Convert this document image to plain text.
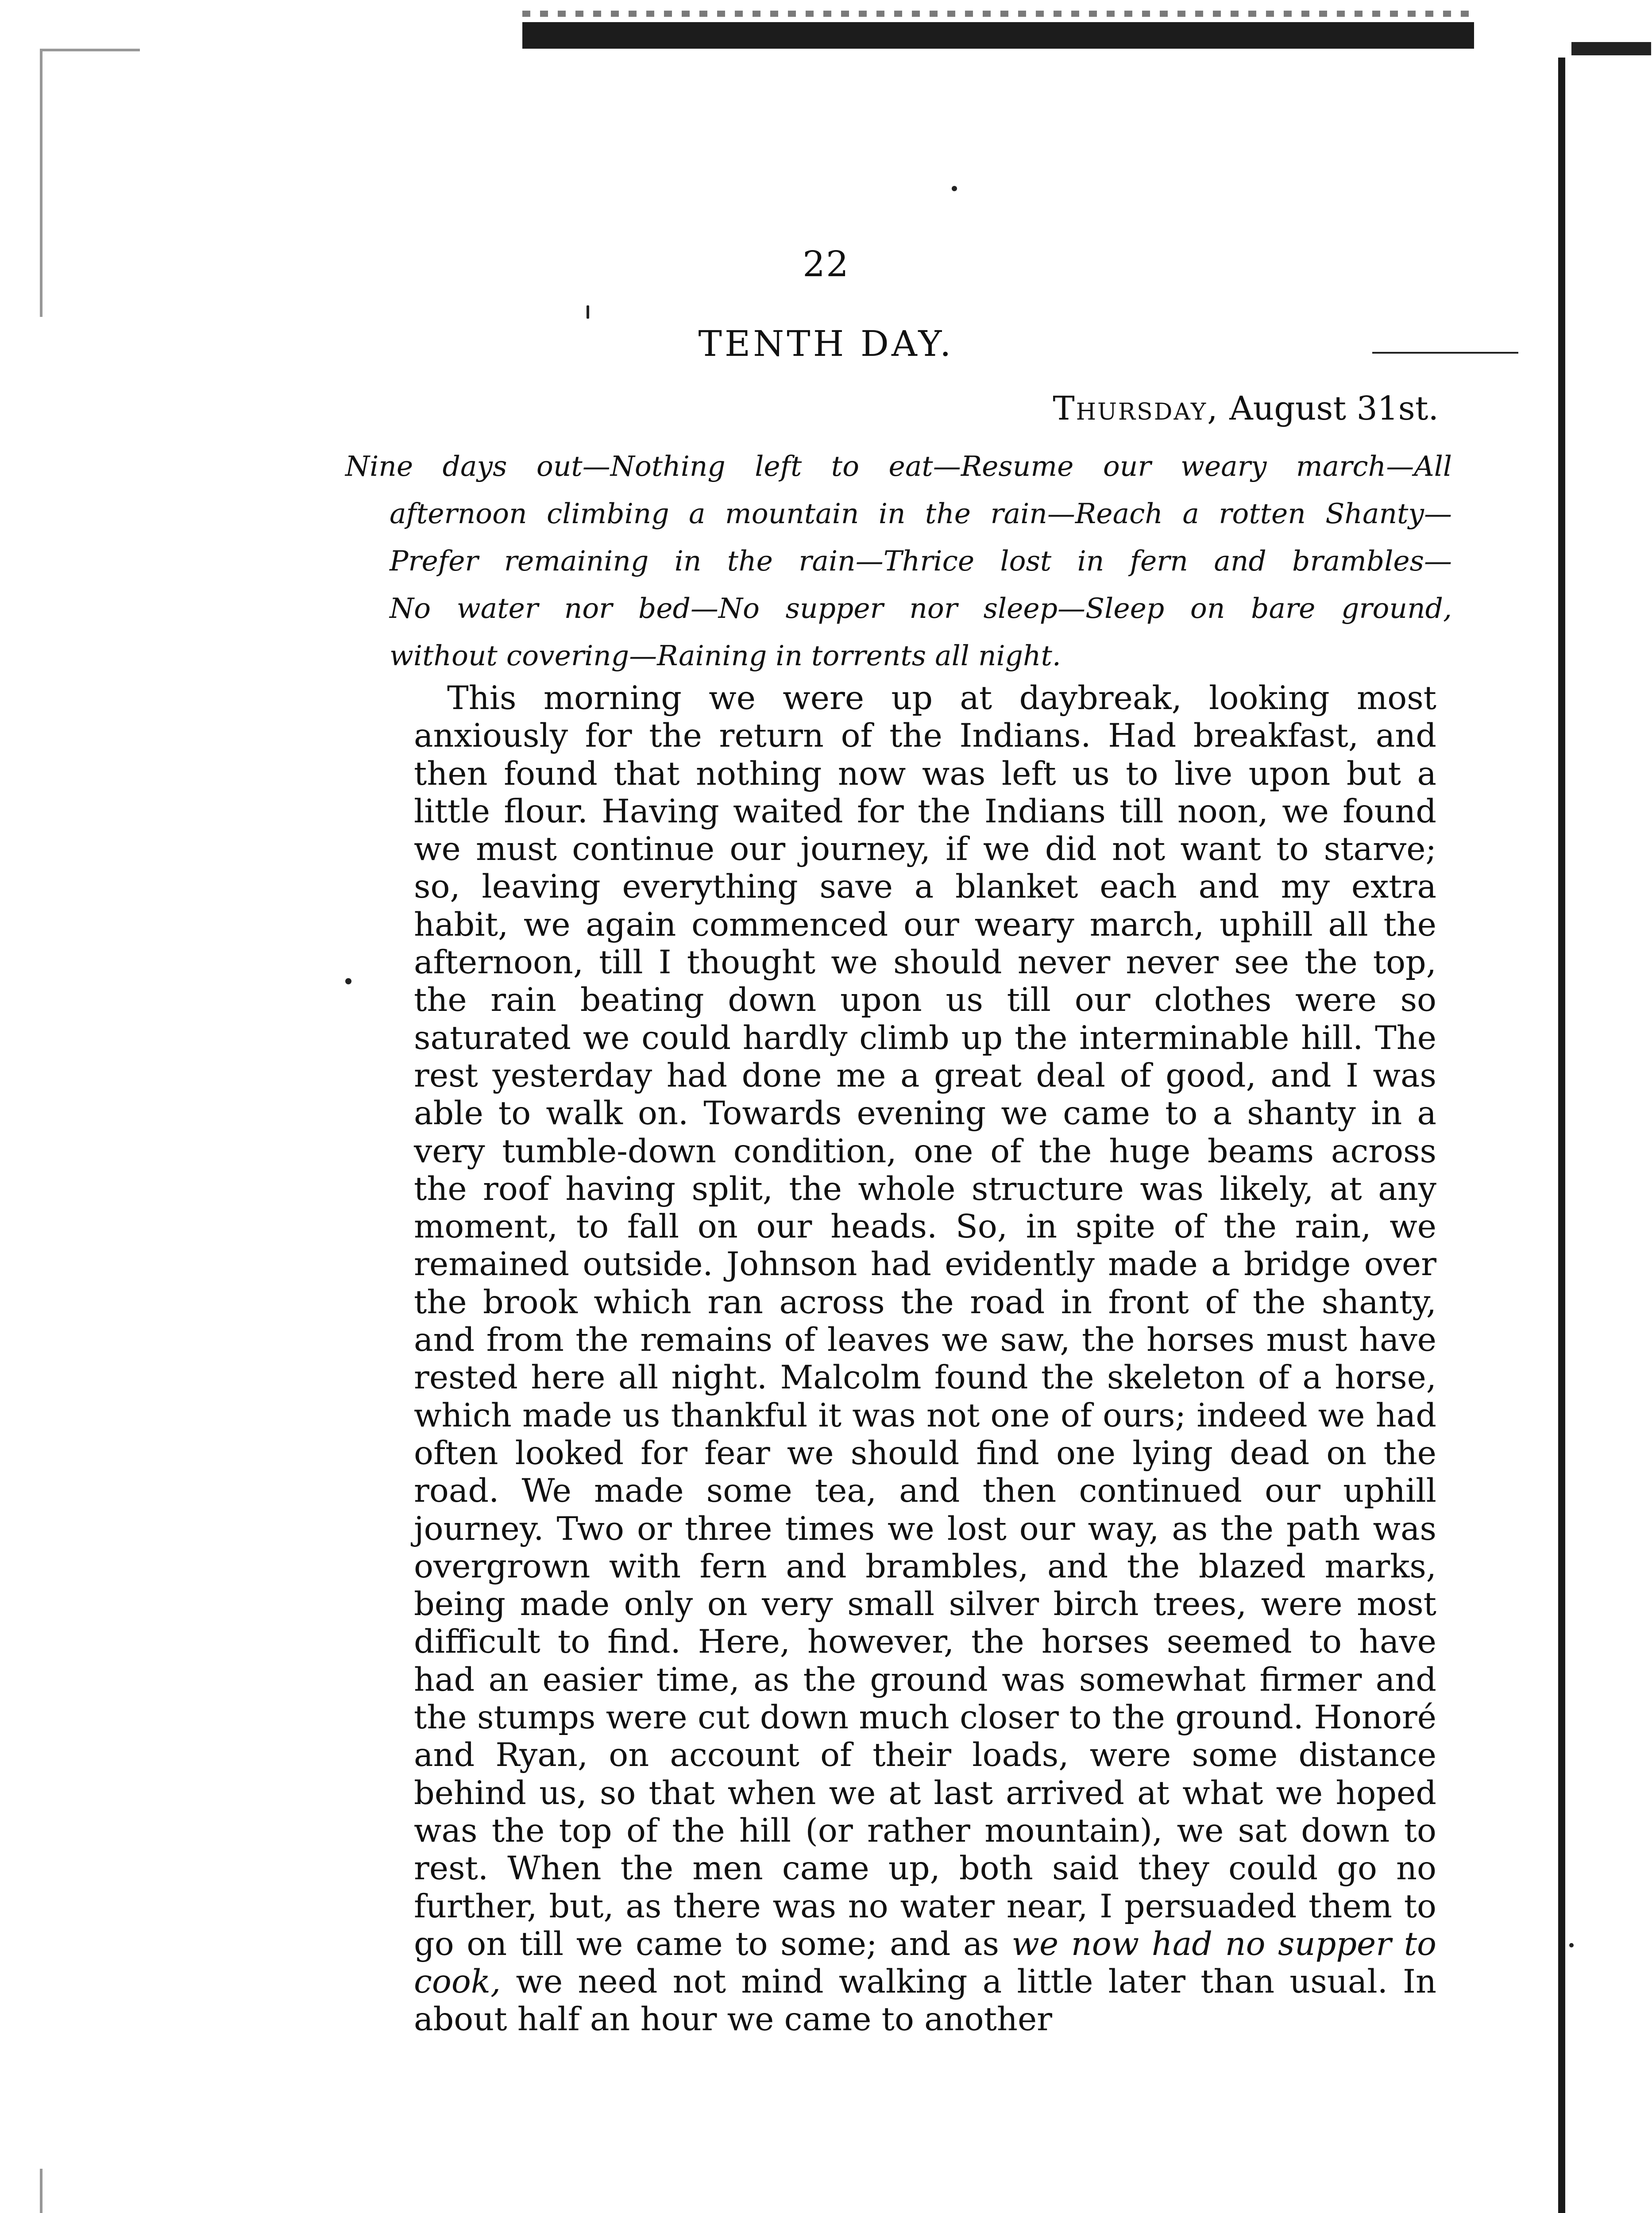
22
TENTH DAY.
Thursday, August 31st.
Nine days out—Nothing left to eat—Resume our weary march—All
afternoon climbing a mountain in the rain—Reach a rotten Shanty—
Prefer remaining in the rain—Thrice lost in fern and brambles—
No water nor bed—No supper nor sleep—Sleep on bare ground,
without covering—Raining in torrents all night.
This morning we were up at daybreak, looking most anxiously for the return of the Indians. Had breakfast, and then found that nothing now was left us to live upon but a little flour. Having waited for the Indians till noon, we found we must continue our journey, if we did not want to starve; so, leaving everything save a blanket each and my extra habit, we again commenced our weary march, uphill all the afternoon, till I thought we should never never see the top, the rain beating down upon us till our clothes were so saturated we could hardly climb up the interminable hill. The rest yesterday had done me a great deal of good, and I was able to walk on. Towards evening we came to a shanty in a very tumble-down condition, one of the huge beams across the roof having split, the whole structure was likely, at any moment, to fall on our heads. So, in spite of the rain, we remained outside. Johnson had evidently made a bridge over the brook which ran across the road in front of the shanty, and from the remains of leaves we saw, the horses must have rested here all night. Malcolm found the skeleton of a horse, which made us thankful it was not one of ours; indeed we had often looked for fear we should find one lying dead on the road. We made some tea, and then continued our uphill journey. Two or three times we lost our way, as the path was overgrown with fern and brambles, and the blazed marks, being made only on very small silver birch trees, were most difficult to find. Here, however, the horses seemed to have had an easier time, as the ground was somewhat firmer and the stumps were cut down much closer to the ground. Honoré and Ryan, on account of their loads, were some distance behind us, so that when we at last arrived at what we hoped was the top of the hill (or rather mountain), we sat down to rest. When the men came up, both said they could go no further, but, as there was no water near, I persuaded them to go on till we came to some; and as we now had no supper to cook, we need not mind walking a little later than usual. In about half an hour we came to another
